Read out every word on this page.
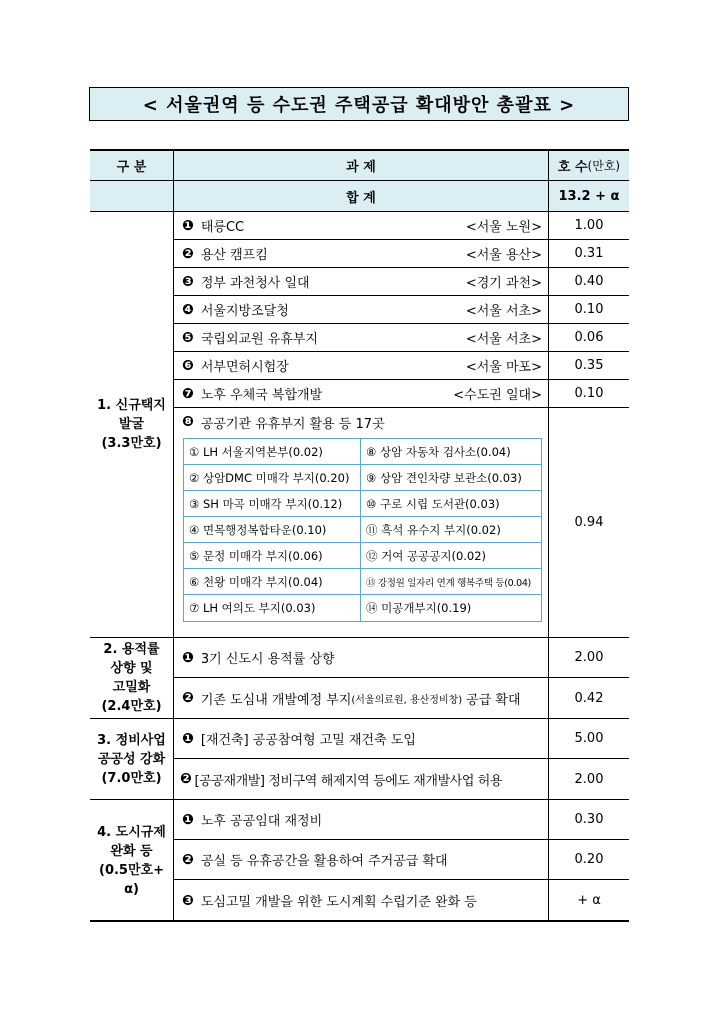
< 서울권역 등 수도권 주택공급 확대방안 총괄표 >
구 분	과 제	호 수 (만호)
합 계	13.2 + α
1. 신규택지
발굴
(3.3만호)
❶ 태릉CC	<서울 노원>	1.00
❷ 용산 캠프킴	<서울 용산>	0.31
❸ 정부 과천청사 일대	<경기 과천>	0.40
❹ 서울지방조달청	<서울 서초>	0.10
❺ 국립외교원 유휴부지	<서울 서초>	0.06
❻ 서부면허시험장	<서울 마포>	0.35
❼ 노후 우체국 복합개발	<수도권 일대>	0.10
❽ 공공기관 유휴부지 활용 등 17곳
① LH 서울지역본부(0.02)	⑧ 상암 자동차 검사소(0.04)
② 상암DMC 미매각 부지(0.20)	⑨ 상암 견인차량 보관소(0.03)
③ SH 마곡 미매각 부지(0.12)	⑩ 구로 시립 도서관(0.03)
④ 면목행정복합타운(0.10)	⑪ 흑석 유수지 부지(0.02)
⑤ 문정 미매각 부지(0.06)	⑫ 거여 공공공지(0.02)
⑥ 천왕 미매각 부지(0.04)	⑬ 강정원 일자리 연계 행복주택 등(0.04)
⑦ LH 여의도 부지(0.03)	⑭ 미공개부지(0.19)
0.94
2. 용적률
상향 및
고밀화
(2.4만호)
❶ 3기 신도시 용적률 상향	2.00
❷ 기존 도심내 개발예정 부지 (서울의료원, 용산정비창) 공급 확대	0.42
3. 정비사업
공공성 강화
(7.0만호)
❶ [재건축] 공공참여형 고밀 재건축 도입	5.00
❷ [공공재개발] 정비구역 해제지역 등에도 재개발사업 허용	2.00
4. 도시규제
완화 등
(0.5만호+ α)
❶ 노후 공공임대 재정비	0.30
❷ 공실 등 유휴공간을 활용하여 주거공급 확대	0.20
❸ 도심고밀 개발을 위한 도시계획 수립기준 완화 등	+ α
